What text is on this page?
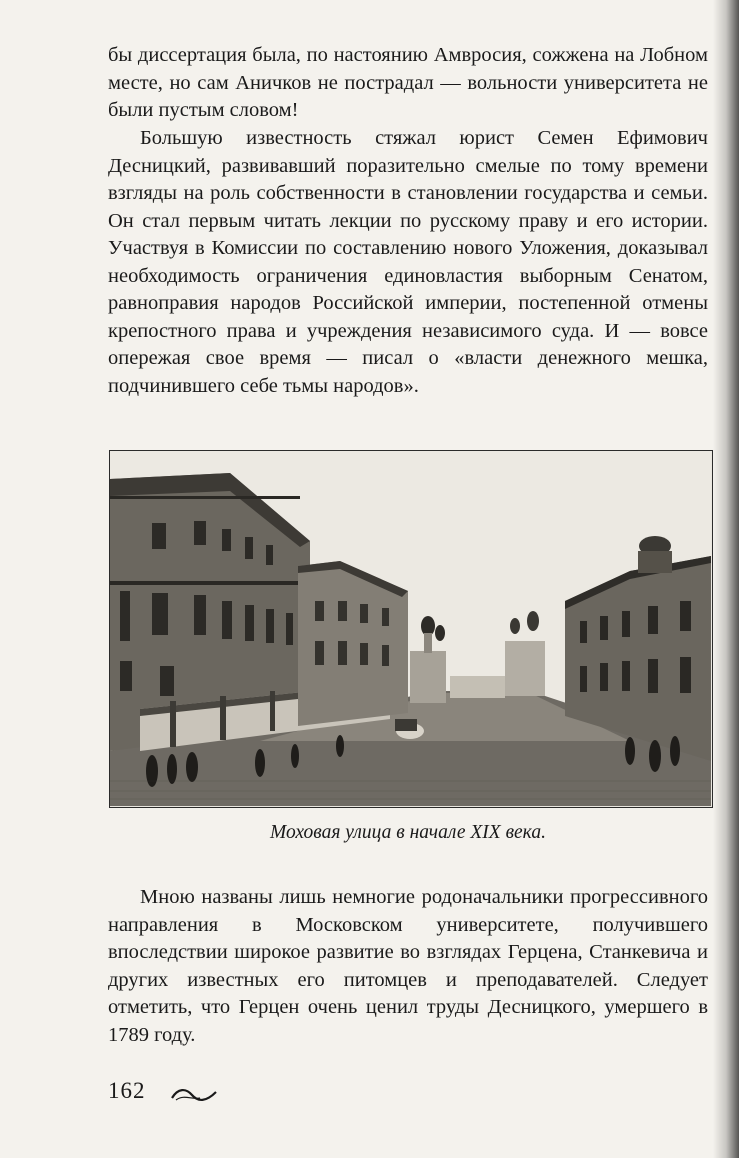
бы диссертация была, по настоянию Амвросия, сожжена на Лобном месте, но сам Аничков не пострадал — вольности университета не были пустым словом!

Большую известность стяжал юрист Семен Ефимович Десницкий, развивавший поразительно смелые по тому времени взгляды на роль собственности в становлении государства и семьи. Он стал первым читать лекции по русскому праву и его истории. Участвуя в Комиссии по составлению нового Уложения, доказывал необходимость ограничения единовластия выборным Сенатом, равноправия народов Российской империи, постепенной отмены крепостного права и учреждения независимого суда. И — вовсе опережая свое время — писал о «власти денежного мешка, подчинившего себе тьмы народов».

Моховая улица в начале XIX века.

Мною названы лишь немногие родоначальники прогрессивного направления в Московском университете, получившего впоследствии широкое развитие во взглядах Герцена, Станкевича и других известных его питомцев и преподавателей. Следует отметить, что Герцен очень ценил труды Десницкого, умершего в 1789 году.

162
